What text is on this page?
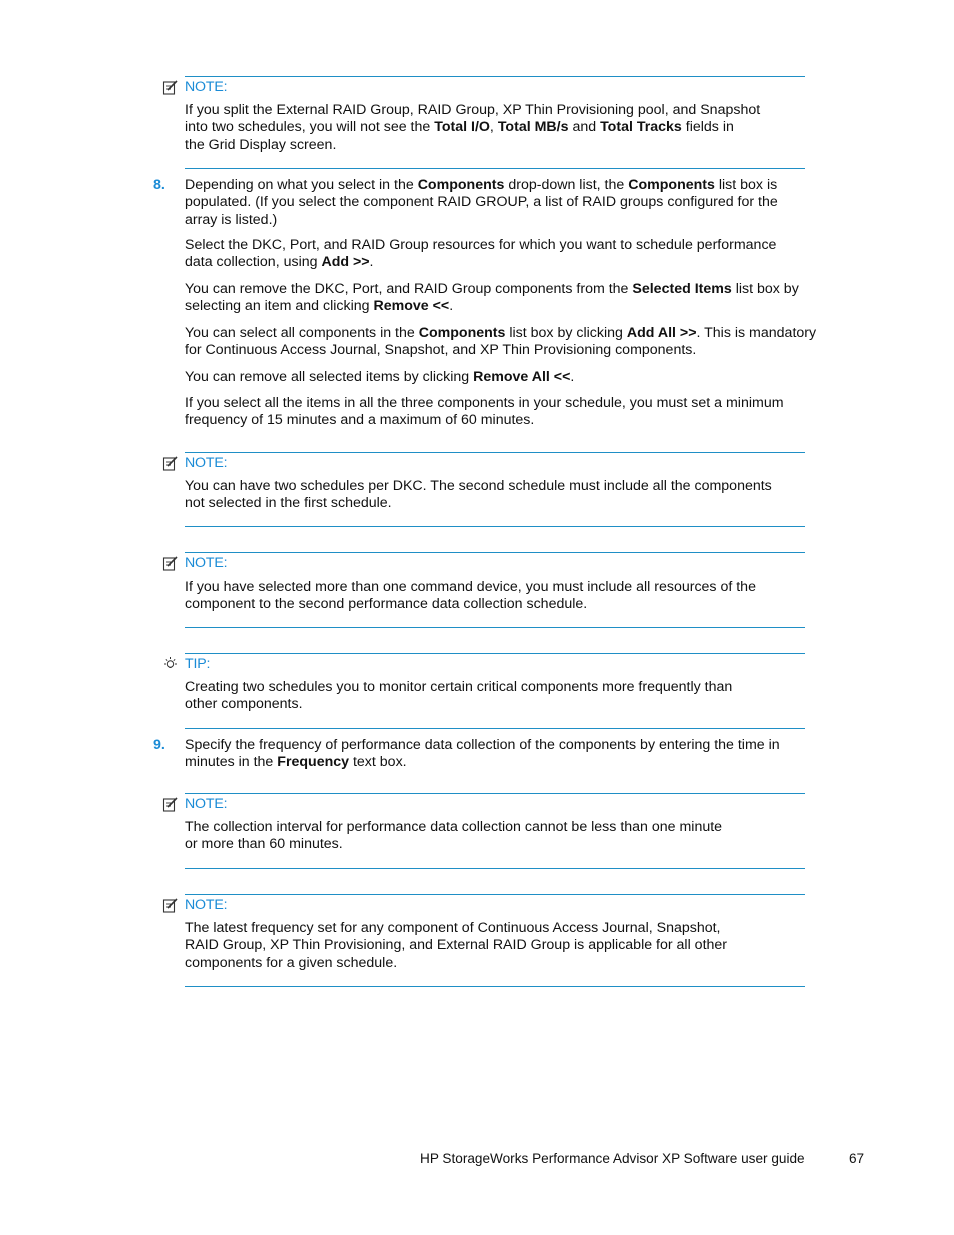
NOTE:
If you split the External RAID Group, RAID Group, XP Thin Provisioning pool, and Snapshot
into two schedules, you will not see the Total I/O, Total MB/s and Total Tracks fields in
the Grid Display screen.
8. Depending on what you select in the Components drop-down list, the Components list box is
populated. (If you select the component RAID GROUP, a list of RAID groups configured for the
array is listed.)
Select the DKC, Port, and RAID Group resources for which you want to schedule performance
data collection, using Add >>.
You can remove the DKC, Port, and RAID Group components from the Selected Items list box by
selecting an item and clicking Remove <<.
You can select all components in the Components list box by clicking Add All >>. This is mandatory
for Continuous Access Journal, Snapshot, and XP Thin Provisioning components.
You can remove all selected items by clicking Remove All <<.
If you select all the items in all the three components in your schedule, you must set a minimum
frequency of 15 minutes and a maximum of 60 minutes.
NOTE:
You can have two schedules per DKC. The second schedule must include all the components
not selected in the first schedule.
NOTE:
If you have selected more than one command device, you must include all resources of the
component to the second performance data collection schedule.
TIP:
Creating two schedules you to monitor certain critical components more frequently than
other components.
9. Specify the frequency of performance data collection of the components by entering the time in
minutes in the Frequency text box.
NOTE:
The collection interval for performance data collection cannot be less than one minute
or more than 60 minutes.
NOTE:
The latest frequency set for any component of Continuous Access Journal, Snapshot,
RAID Group, XP Thin Provisioning, and External RAID Group is applicable for all other
components for a given schedule.
HP StorageWorks Performance Advisor XP Software user guide	67
